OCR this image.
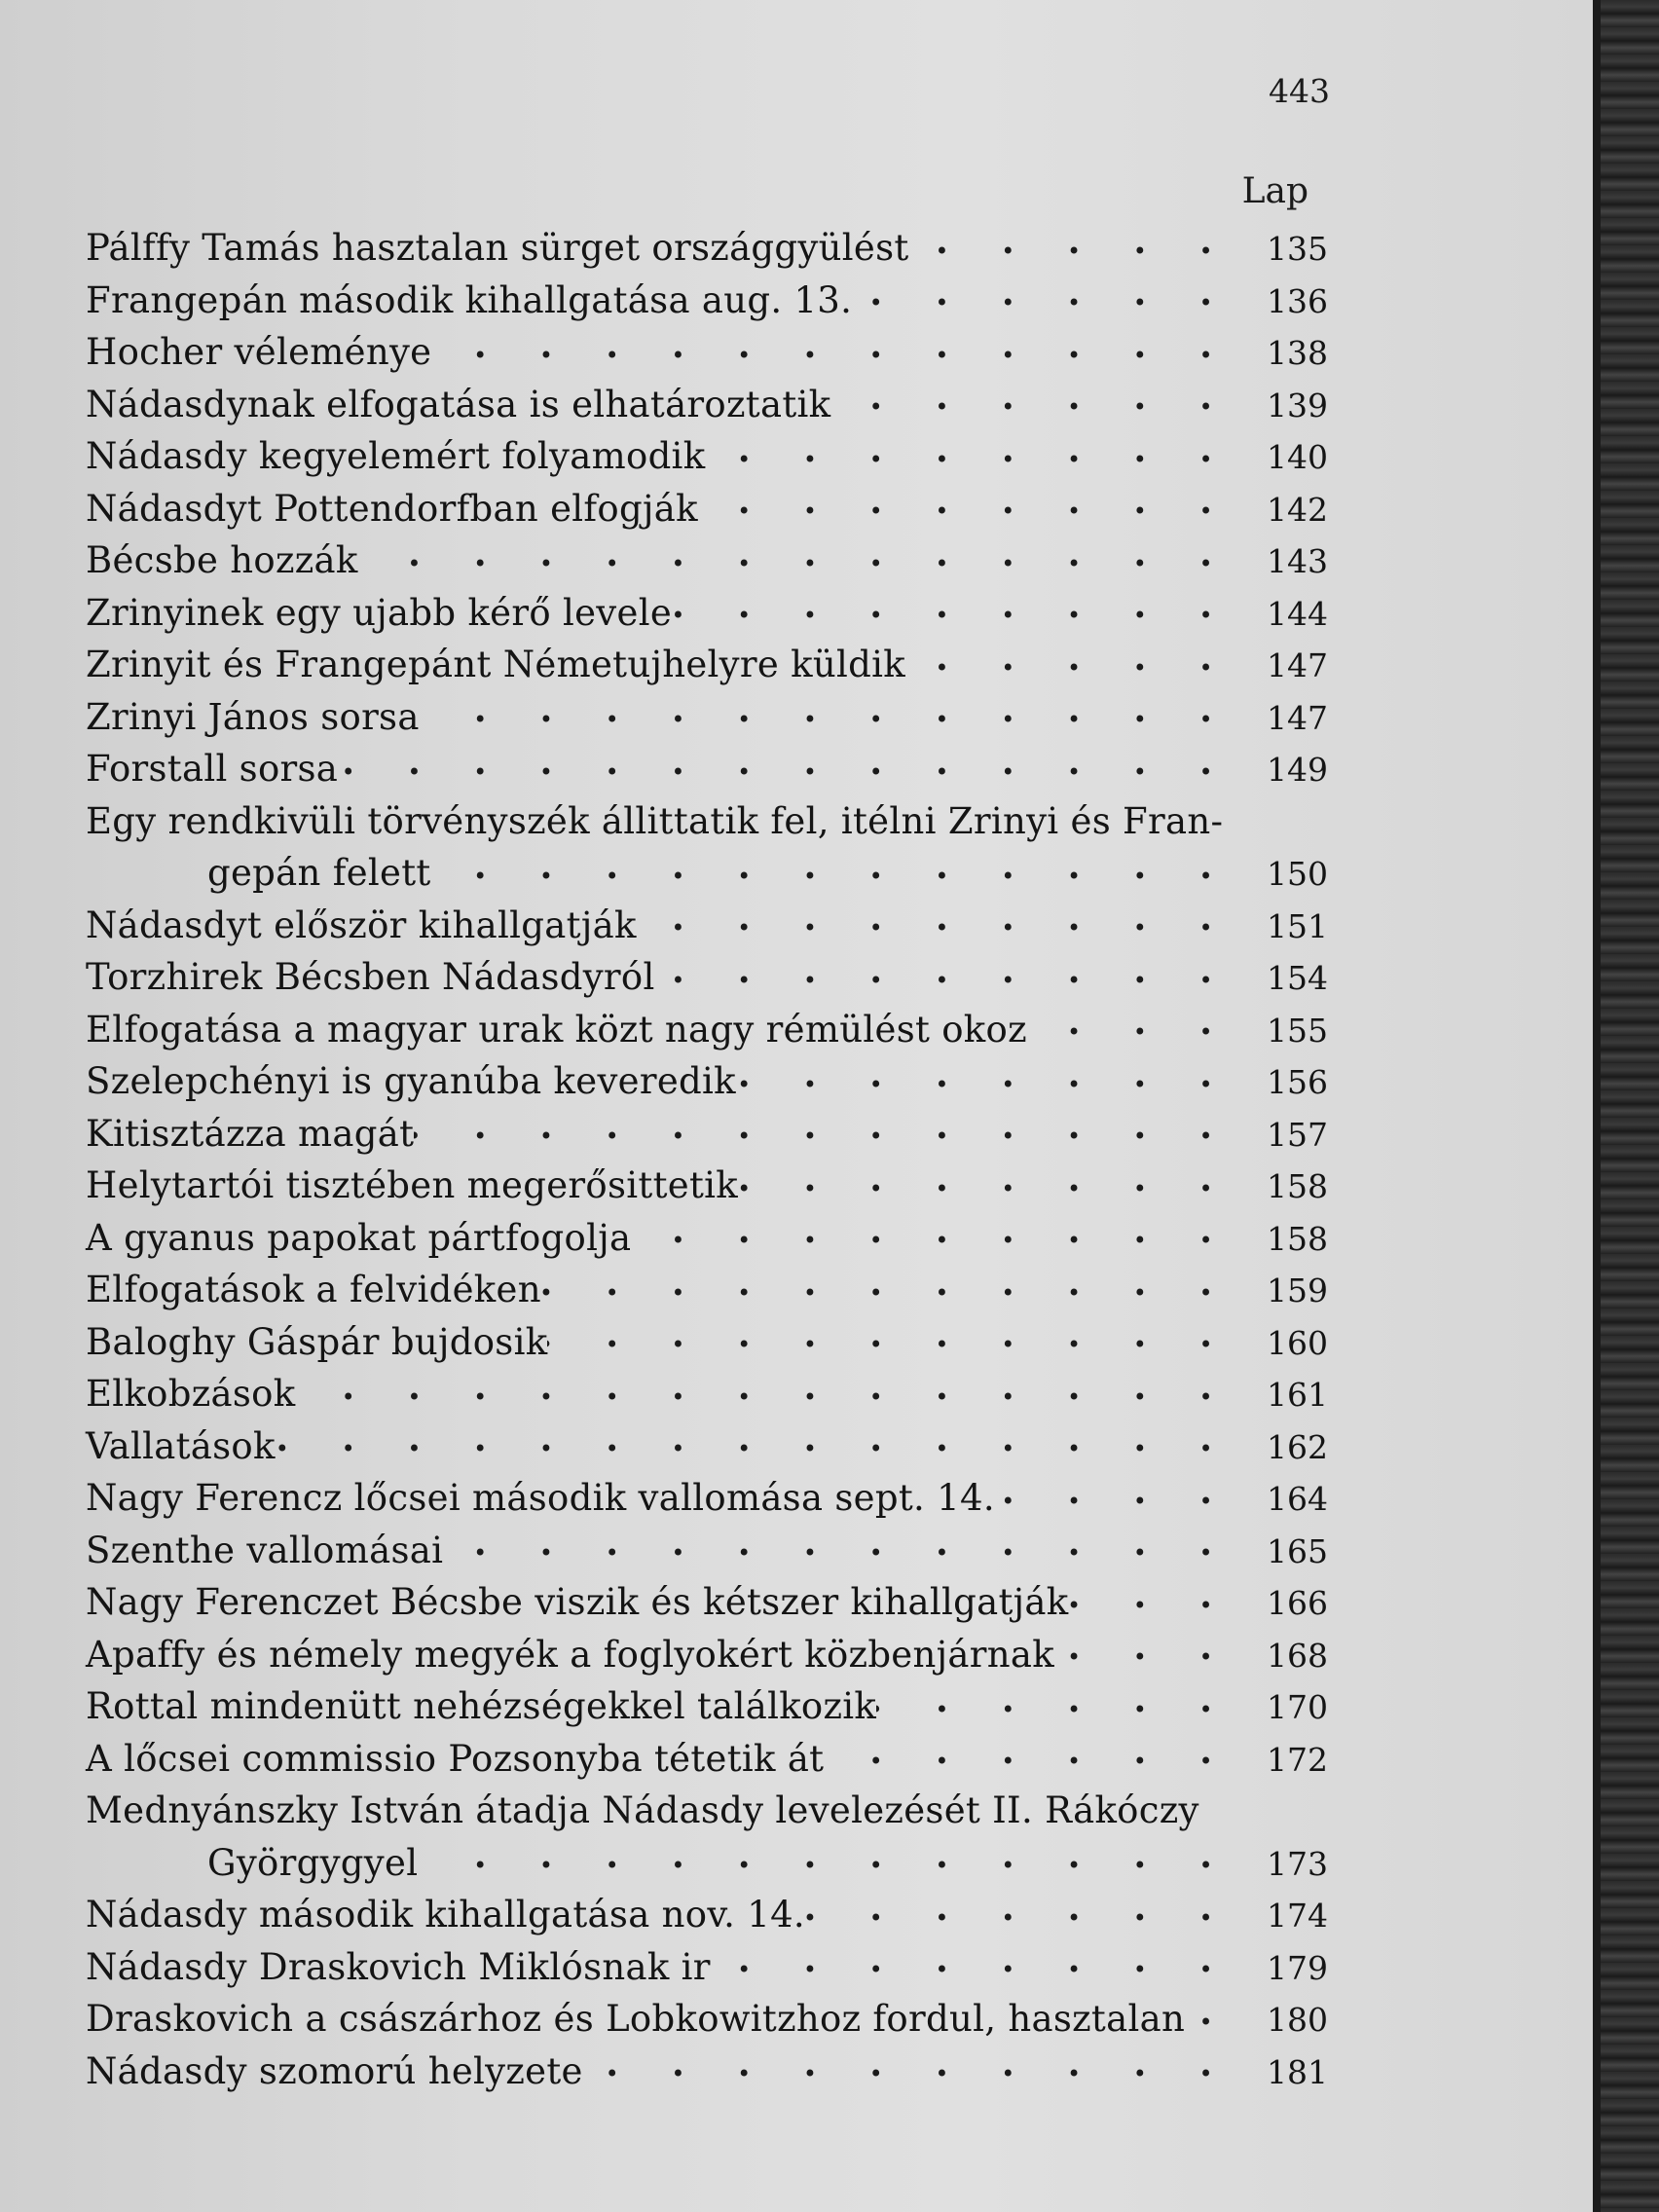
443
Lap
Pálffy Tamás hasztalan sürget országgyülést . . .	135
Frangepán második kihallgatása aug. 13. . . .	136
Hocher véleménye . . .	138
Nádasdynak elfogatása is elhatároztatik . . .	139
Nádasdy kegyelemért folyamodik . . .	140
Nádasdyt Pottendorfban elfogják . . .	142
Bécsbe hozzák . . .	143
Zrinyinek egy ujabb kérő levele . . .	144
Zrinyit és Frangepánt Németujhelyre küldik . . .	147
Zrinyi János sorsa . . .	147
Forstall sorsa . . .	149
Egy rendkivüli törvényszék állittatik fel, itélni Zrinyi és Fran-
gepán felett . . .	150
Nádasdyt először kihallgatják . . .	151
Torzhirek Bécsben Nádasdyról . . .	154
Elfogatása a magyar urak közt nagy rémülést okoz . . .	155
Szelepchényi is gyanúba keveredik . . .	156
Kitisztázza magát . . .	157
Helytartói tisztében megerősittetik . . .	158
A gyanus papokat pártfogolja . . .	158
Elfogatások a felvidéken . . .	159
Baloghy Gáspár bujdosik . . .	160
Elkobzások . . .	161
Vallatások . . .	162
Nagy Ferencz lőcsei második vallomása sept. 14. . . .	164
Szenthe vallomásai . . .	165
Nagy Ferenczet Bécsbe viszik és kétszer kihallgatják . . .	166
Apaffy és némely megyék a foglyokért közbenjárnak . . .	168
Rottal mindenütt nehézségekkel találkozik . . .	170
A lőcsei commissio Pozsonyba tétetik át . . .	172
Mednyánszky István átadja Nádasdy levelezését II. Rákóczy
Györgygyel . . .	173
Nádasdy második kihallgatása nov. 14. . . .	174
Nádasdy Draskovich Miklósnak ir . . .	179
Draskovich a császárhoz és Lobkowitzhoz fordul, hasztalan . . .	180
Nádasdy szomorú helyzete . . .	181
